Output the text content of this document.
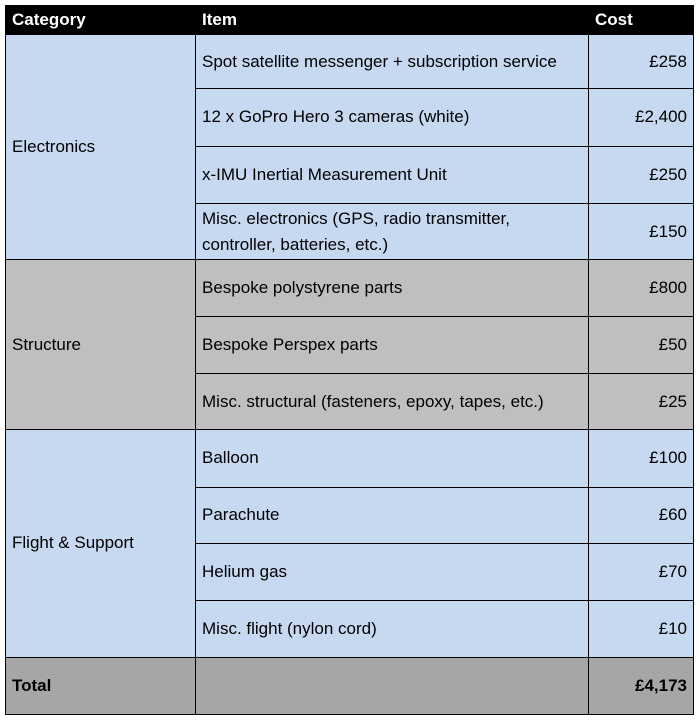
Category	Item	Cost
Electronics	Spot satellite messenger + subscription service	£258
	12 x GoPro Hero 3 cameras (white)	£2,400
	x-IMU Inertial Measurement Unit	£250
	Misc. electronics (GPS, radio transmitter, controller, batteries, etc.)	£150
Structure	Bespoke polystyrene parts	£800
	Bespoke Perspex parts	£50
	Misc. structural (fasteners, epoxy, tapes, etc.)	£25
Flight & Support	Balloon	£100
	Parachute	£60
	Helium gas	£70
	Misc. flight (nylon cord)	£10
Total		£4,173
